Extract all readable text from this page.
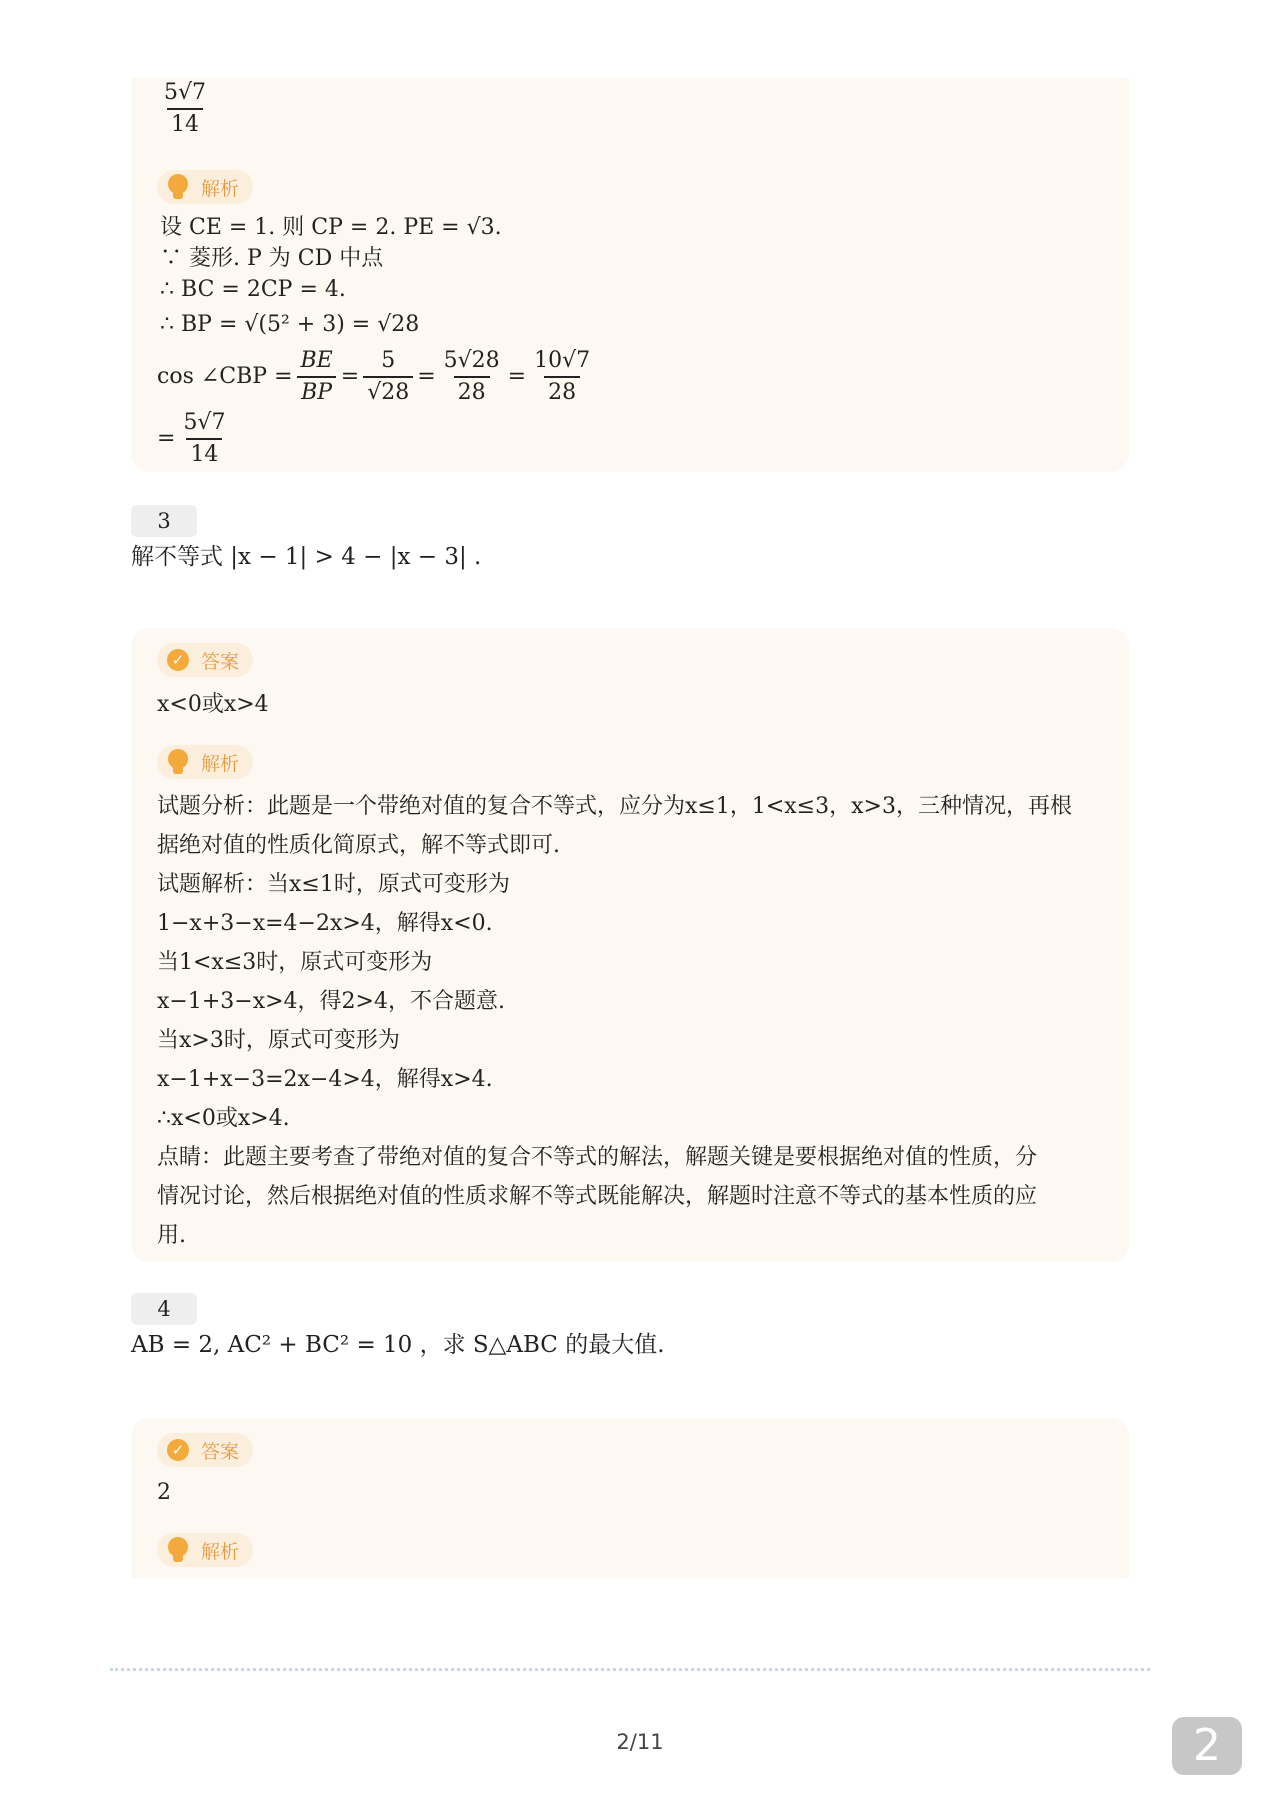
$\frac{5√7}{14}$
解析
设 CE = 1. 则 CP = 2. PE = √3.
∵ 菱形. P 为 CD 中点
∴ BC = 2CP = 4.
∴ BP = √(5² + 3) = √28
cos ∠CBP = $\frac{BE}{BP} = \frac{5}{√28} = \frac{5√28}{28} = \frac{10√7}{28}$
= $\frac{5√7}{14}$
3
解不等式 |x − 1| > 4 − |x − 3| .
✓ 答案
x<0或x>4
解析
试题分析：此题是一个带绝对值的复合不等式，应分为x≤1，1<x≤3，x>3，三种情况，再根
据绝对值的性质化简原式，解不等式即可.
试题解析：当x≤1时，原式可变形为
1−x+3−x=4−2x>4，解得x<0.
当1<x≤3时，原式可变形为
x−1+3−x>4，得2>4，不合题意.
当x>3时，原式可变形为
x−1+x−3=2x−4>4，解得x>4.
∴x<0或x>4.
点睛：此题主要考查了带绝对值的复合不等式的解法，解题关键是要根据绝对值的性质，分
情况讨论，然后根据绝对值的性质求解不等式既能解决，解题时注意不等式的基本性质的应
用.
4
AB = 2, AC² + BC² = 10 ，求 S△ABC 的最大值.
✓ 答案
2
解析
2/11	2
